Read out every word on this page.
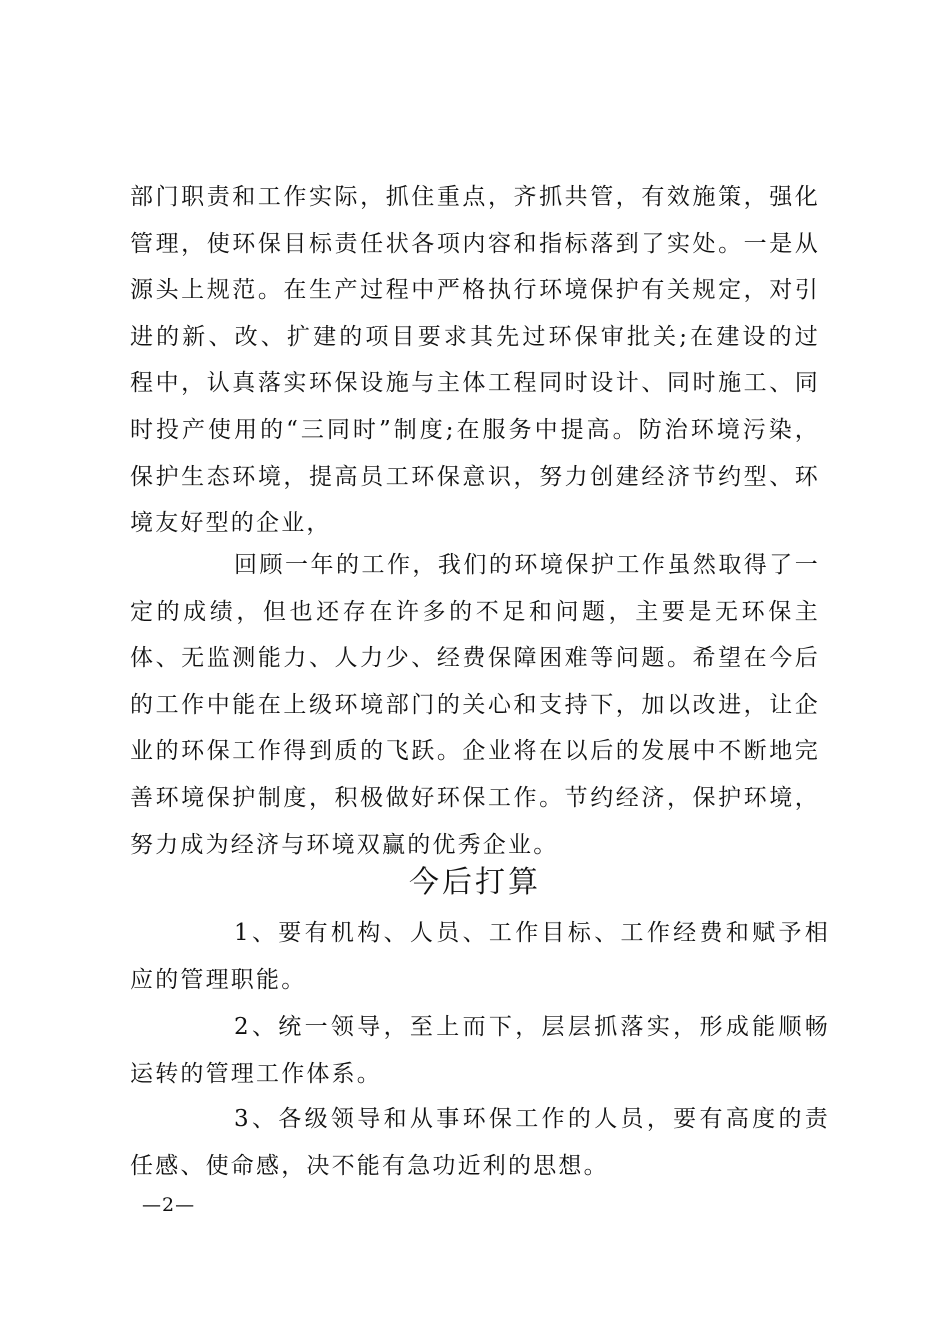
部门职责和工作实际，抓住重点，齐抓共管，有效施策，强化管理，使环保目标责任状各项内容和指标落到了实处。一是从源头上规范。在生产过程中严格执行环境保护有关规定，对引进的新、改、扩建的项目要求其先过环保审批关;在建设的过程中，认真落实环保设施与主体工程同时设计、同时施工、同时投产使用的“三同时”制度;在服务中提高。防治环境污染，保护生态环境，提高员工环保意识，努力创建经济节约型、环境友好型的企业，

回顾一年的工作，我们的环境保护工作虽然取得了一定的成绩，但也还存在许多的不足和问题，主要是无环保主体、无监测能力、人力少、经费保障困难等问题。希望在今后的工作中能在上级环境部门的关心和支持下，加以改进，让企业的环保工作得到质的飞跃。企业将在以后的发展中不断地完善环境保护制度，积极做好环保工作。节约经济，保护环境，努力成为经济与环境双赢的优秀企业。

今后打算

1、要有机构、人员、工作目标、工作经费和赋予相应的管理职能。

2、统一领导，至上而下，层层抓落实，形成能顺畅运转的管理工作体系。

3、各级领导和从事环保工作的人员，要有高度的责任感、使命感，决不能有急功近利的思想。

—2—
